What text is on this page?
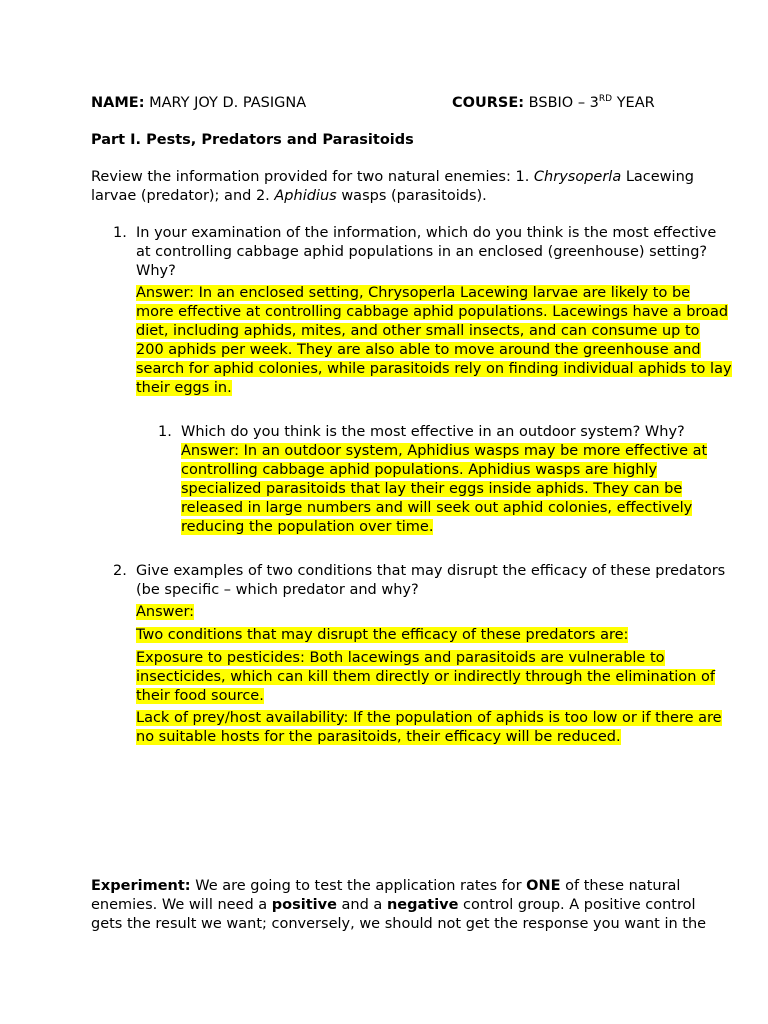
NAME: MARY JOY D. PASIGNA	COURSE: BSBIO – 3RD YEAR
Part I. Pests, Predators and Parasitoids
Review the information provided for two natural enemies: 1. Chrysoperla Lacewing
larvae (predator); and 2. Aphidius wasps (parasitoids).
1. In your examination of the information, which do you think is the most effective
at controlling cabbage aphid populations in an enclosed (greenhouse) setting?
Why?
Answer: In an enclosed setting, Chrysoperla Lacewing larvae are likely to be
more effective at controlling cabbage aphid populations. Lacewings have a broad
diet, including aphids, mites, and other small insects, and can consume up to
200 aphids per week. They are also able to move around the greenhouse and
search for aphid colonies, while parasitoids rely on finding individual aphids to lay
their eggs in.
1. Which do you think is the most effective in an outdoor system? Why?
Answer: In an outdoor system, Aphidius wasps may be more effective at
controlling cabbage aphid populations. Aphidius wasps are highly
specialized parasitoids that lay their eggs inside aphids. They can be
released in large numbers and will seek out aphid colonies, effectively
reducing the population over time.
2. Give examples of two conditions that may disrupt the efficacy of these predators
(be specific – which predator and why?
Answer:
Two conditions that may disrupt the efficacy of these predators are:
Exposure to pesticides: Both lacewings and parasitoids are vulnerable to
insecticides, which can kill them directly or indirectly through the elimination of
their food source.
Lack of prey/host availability: If the population of aphids is too low or if there are
no suitable hosts for the parasitoids, their efficacy will be reduced.
Experiment: We are going to test the application rates for ONE of these natural
enemies. We will need a positive and a negative control group. A positive control
gets the result we want; conversely, we should not get the response you want in the
